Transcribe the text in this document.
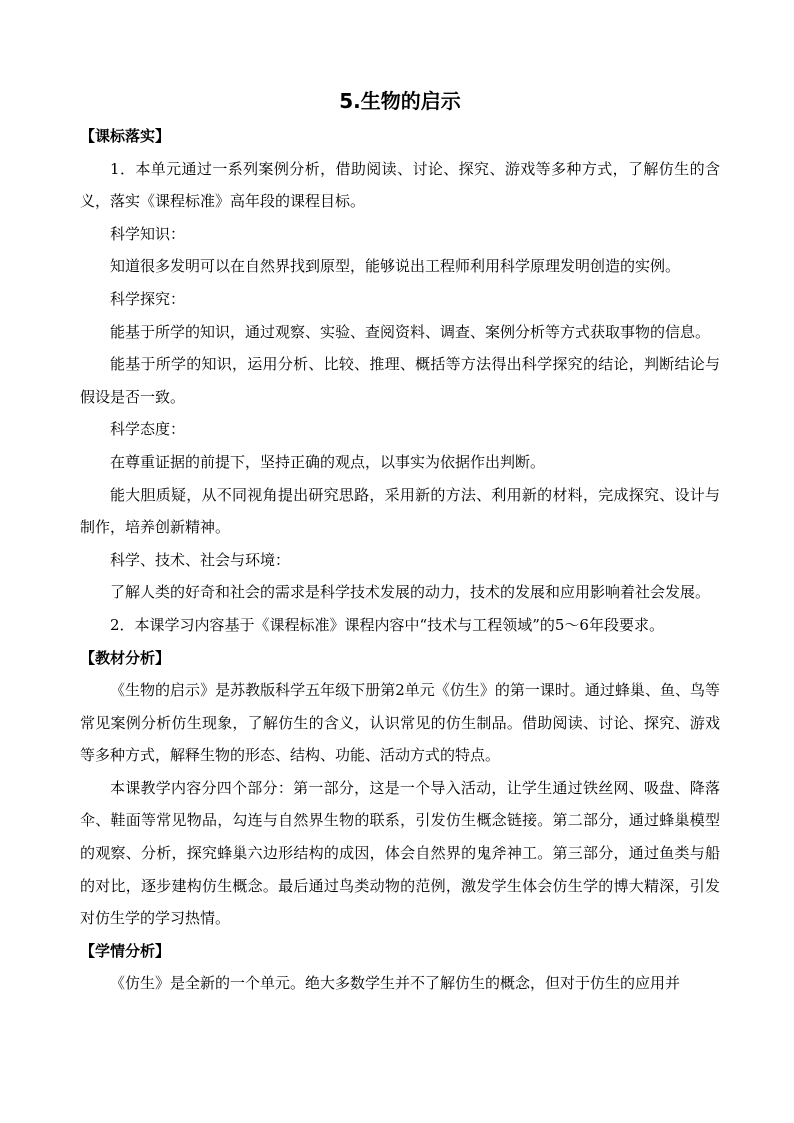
5.生物的启示
【课标落实】

1．本单元通过一系列案例分析，借助阅读、讨论、探究、游戏等多种方式，了解仿生的含义，落实《课程标准》高年段的课程目标。

科学知识：

知道很多发明可以在自然界找到原型，能够说出工程师利用科学原理发明创造的实例。

科学探究：

能基于所学的知识，通过观察、实验、查阅资料、调查、案例分析等方式获取事物的信息。

能基于所学的知识，运用分析、比较、推理、概括等方法得出科学探究的结论，判断结论与假设是否一致。

科学态度：

在尊重证据的前提下，坚持正确的观点，以事实为依据作出判断。

能大胆质疑，从不同视角提出研究思路，采用新的方法、利用新的材料，完成探究、设计与制作，培养创新精神。

科学、技术、社会与环境：

了解人类的好奇和社会的需求是科学技术发展的动力，技术的发展和应用影响着社会发展。

2．本课学习内容基于《课程标准》课程内容中“技术与工程领域”的5～6年段要求。

【教材分析】

《生物的启示》是苏教版科学五年级下册第2单元《仿生》的第一课时。通过蜂巢、鱼、鸟等常见案例分析仿生现象，了解仿生的含义，认识常见的仿生制品。借助阅读、讨论、探究、游戏等多种方式，解释生物的形态、结构、功能、活动方式的特点。

本课教学内容分四个部分：第一部分，这是一个导入活动，让学生通过铁丝网、吸盘、降落伞、鞋面等常见物品，勾连与自然界生物的联系，引发仿生概念链接。第二部分，通过蜂巢模型的观察、分析，探究蜂巢六边形结构的成因，体会自然界的鬼斧神工。第三部分，通过鱼类与船的对比，逐步建构仿生概念。最后通过鸟类动物的范例，激发学生体会仿生学的博大精深，引发对仿生学的学习热情。

【学情分析】

《仿生》是全新的一个单元。绝大多数学生并不了解仿生的概念，但对于仿生的应用并
